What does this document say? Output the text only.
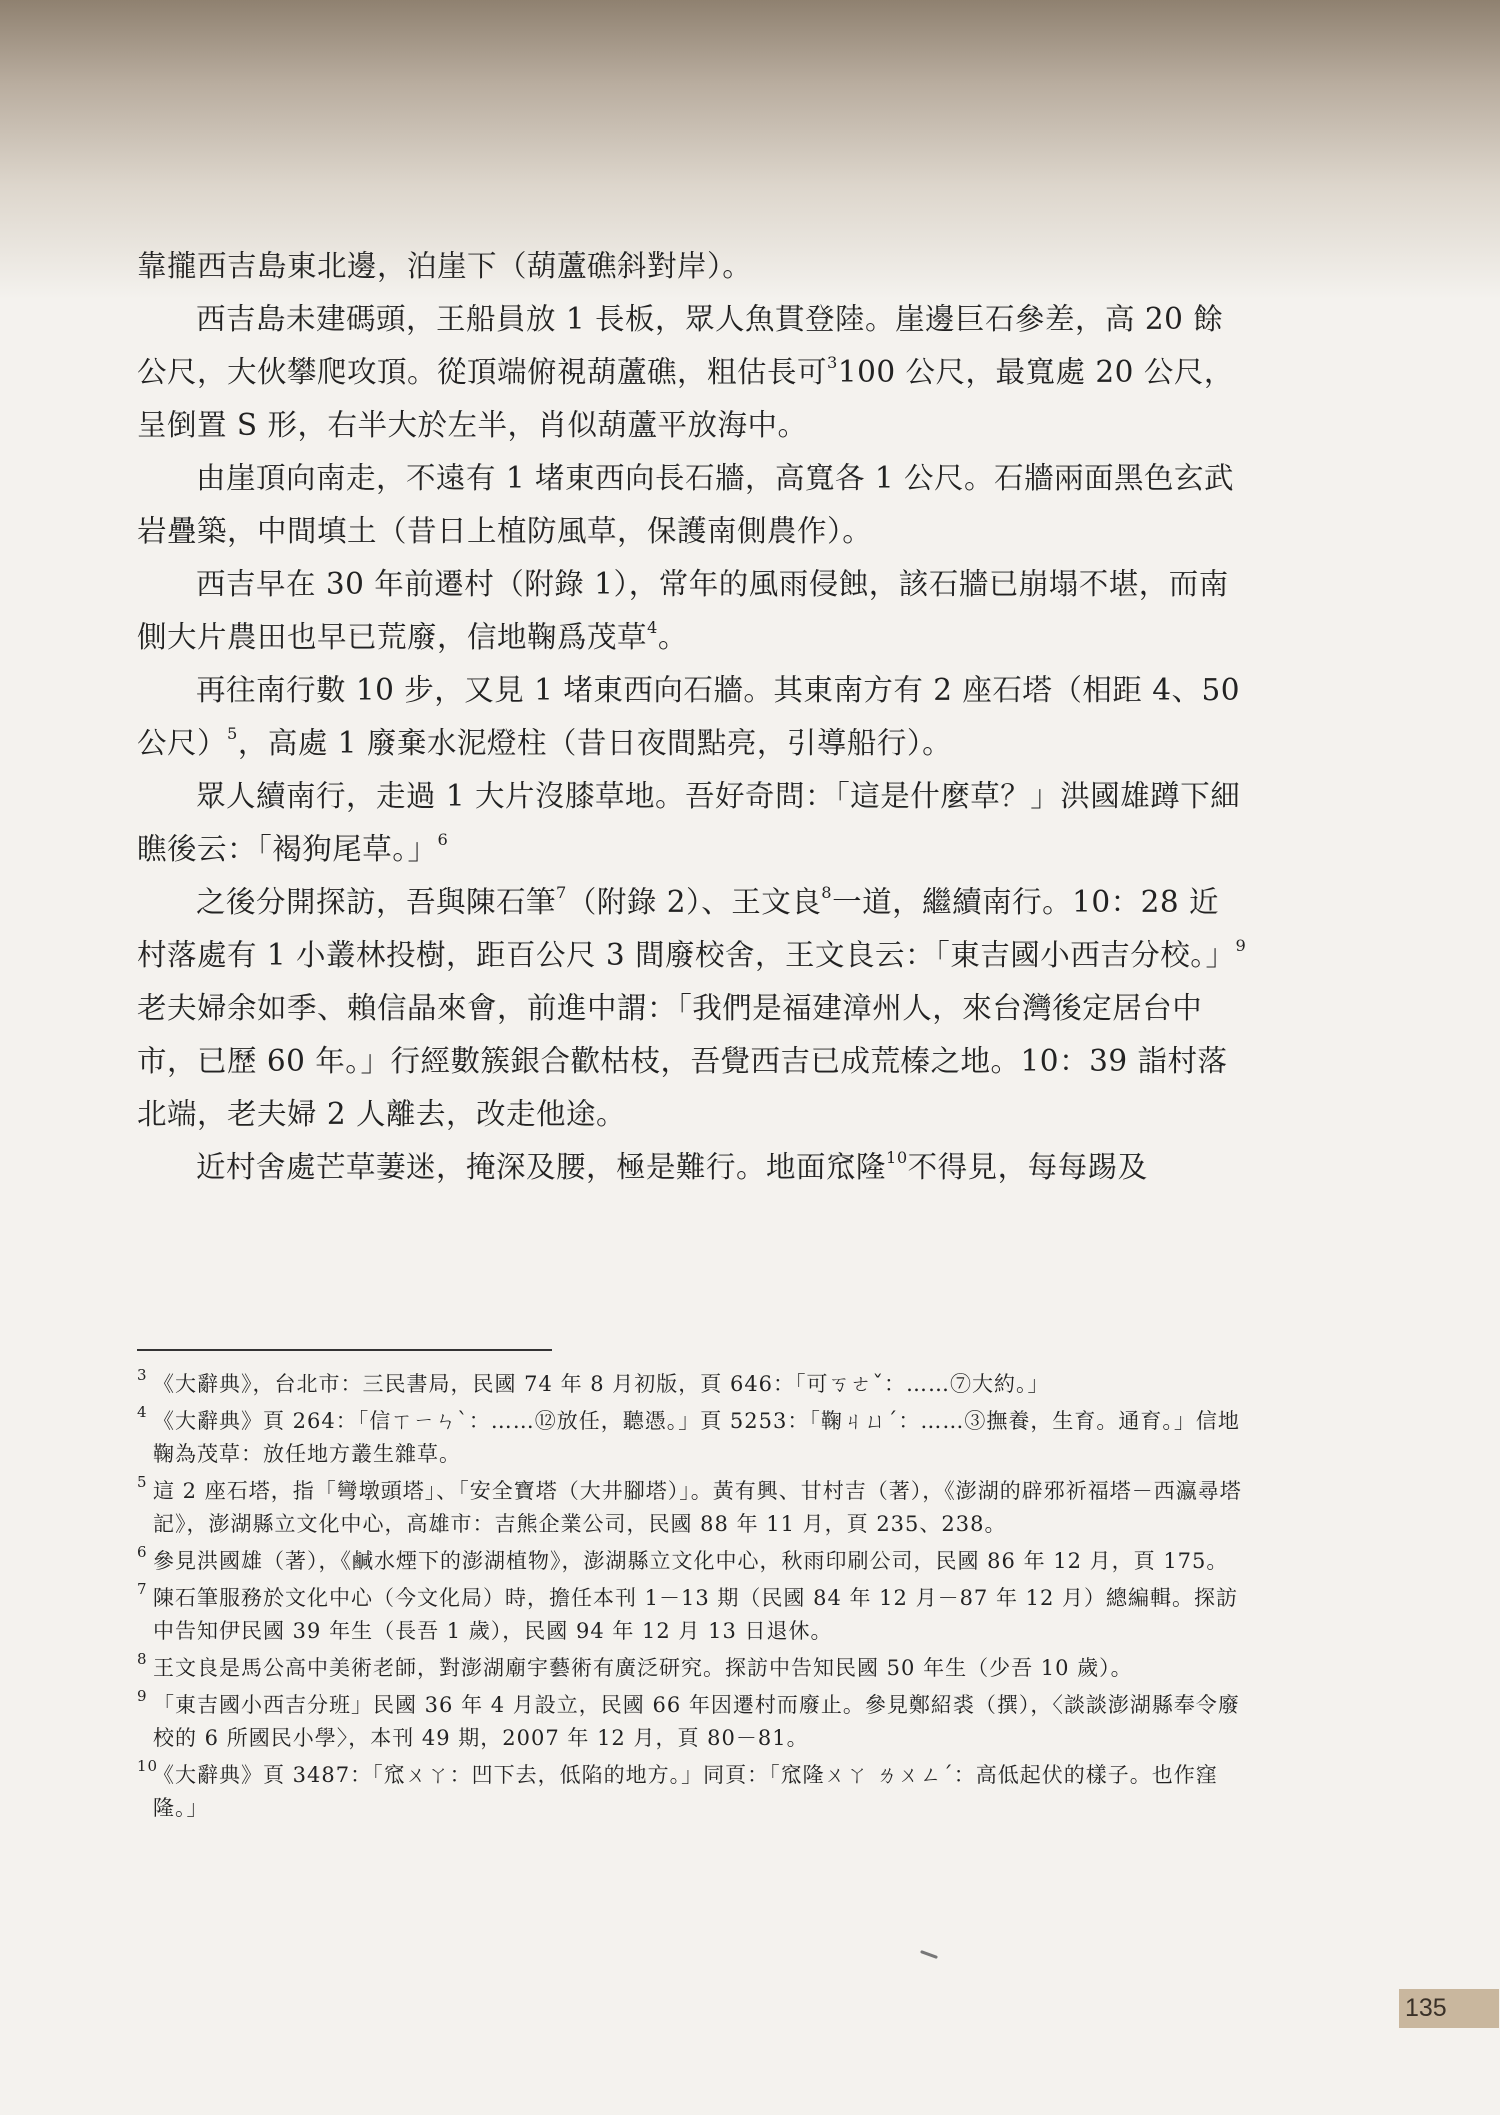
靠攏西吉島東北邊，泊崖下（葫蘆礁斜對岸）。

西吉島未建碼頭，王船員放 1 長板，眾人魚貫登陸。崖邊巨石參差，高 20 餘公尺，大伙攀爬攻頂。從頂端俯視葫蘆礁，粗估長可$^3$100 公尺，最寬處 20 公尺，呈倒置 S 形，右半大於左半，肖似葫蘆平放海中。

由崖頂向南走，不遠有 1 堵東西向長石牆，高寬各 1 公尺。石牆兩面黑色玄武岩疊築，中間填土（昔日上植防風草，保護南側農作）。

西吉早在 30 年前遷村（附錄 1），常年的風雨侵蝕，該石牆已崩塌不堪，而南側大片農田也早已荒廢，信地鞠爲茂草$^4$。

再往南行數 10 步，又見 1 堵東西向石牆。其東南方有 2 座石塔（相距 4、50 公尺）$^5$，高處 1 廢棄水泥燈柱（昔日夜間點亮，引導船行）。

眾人續南行，走過 1 大片沒膝草地。吾好奇問：「這是什麼草？」洪國雄蹲下細瞧後云：「褐狗尾草。」$^6$

之後分開探訪，吾與陳石筆$^7$（附錄 2）、王文良$^8$一道，繼續南行。10：28 近村落處有 1 小叢林投樹，距百公尺 3 間廢校舍，王文良云：「東吉國小西吉分校。」$^9$老夫婦余如季、賴信晶來會，前進中謂：「我們是福建漳州人，來台灣後定居台中市，已歷 60 年。」行經數簇銀合歡枯枝，吾覺西吉已成荒榛之地。10：39 詣村落北端，老夫婦 2 人離去，改走他途。

近村舍處芒草萋迷，掩深及腰，極是難行。地面窊隆$^{10}$不得見，每每踢及

3 《大辭典》，台北市：三民書局，民國 74 年 8 月初版，頁 646：「可ㄎㄜˇ：……⑦大約。」
4 《大辭典》頁 264：「信ㄒㄧㄣˋ：……⑫放任，聽憑。」頁 5253：「鞠ㄐㄩˊ：……③撫養，生育。通育。」信地鞠為茂草：放任地方叢生雜草。
5 這 2 座石塔，指「彎墩頭塔」、「安全寶塔（大井腳塔）」。黃有興、甘村吉（著），《澎湖的辟邪祈福塔－西瀛尋塔記》，澎湖縣立文化中心，高雄市：吉熊企業公司，民國 88 年 11 月，頁 235、238。
6 參見洪國雄（著），《鹹水煙下的澎湖植物》，澎湖縣立文化中心，秋雨印刷公司，民國 86 年 12 月，頁 175。
7 陳石筆服務於文化中心（今文化局）時，擔任本刊 1－13 期（民國 84 年 12 月－87 年 12 月）總編輯。探訪中告知伊民國 39 年生（長吾 1 歲），民國 94 年 12 月 13 日退休。
8 王文良是馬公高中美術老師，對澎湖廟宇藝術有廣泛研究。探訪中告知民國 50 年生（少吾 10 歲）。
9 「東吉國小西吉分班」民國 36 年 4 月設立，民國 66 年因遷村而廢止。參見鄭紹裘（撰），〈談談澎湖縣奉令廢校的 6 所國民小學〉，本刊 49 期，2007 年 12 月，頁 80－81。
10
《大辭典》頁 3487：「窊ㄨㄚ：凹下去，低陷的地方。」同頁：「窊隆ㄨㄚ ㄌㄨㄥˊ：高低起伏的樣子。也作窪隆。」
135
